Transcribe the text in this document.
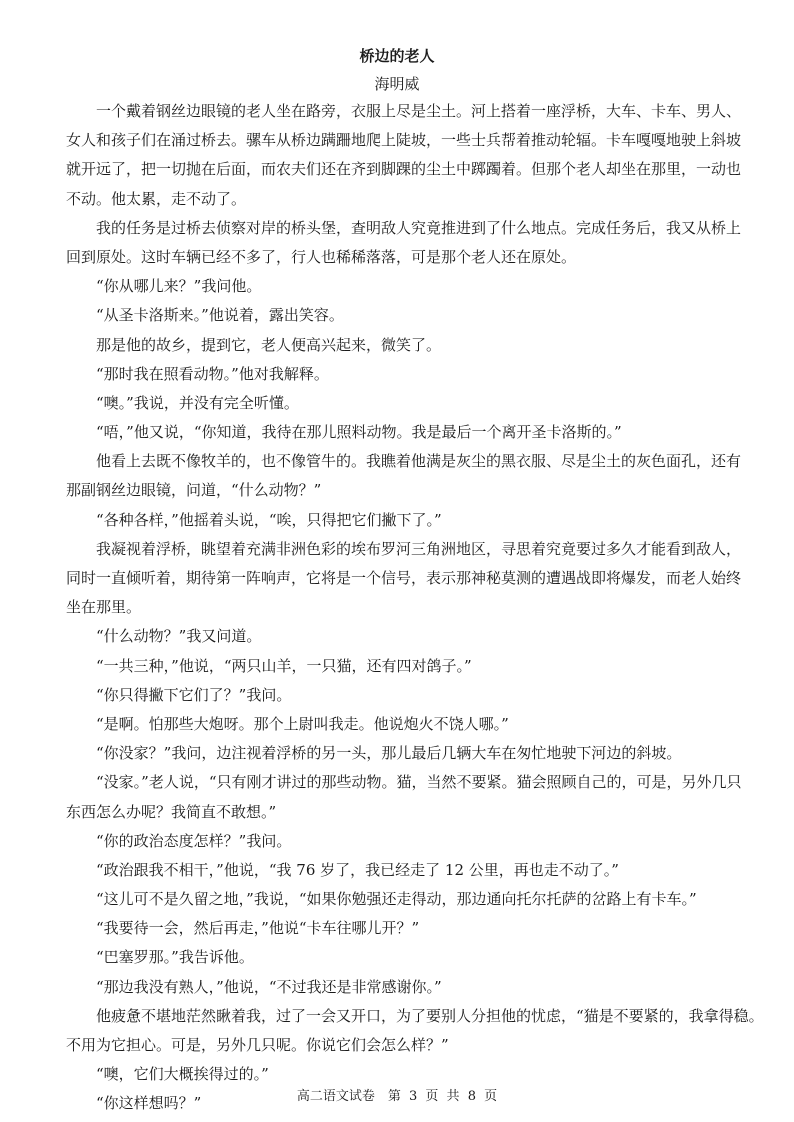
桥边的老人
海明威
一个戴着钢丝边眼镜的老人坐在路旁，衣服上尽是尘土。河上搭着一座浮桥，大车、卡车、男人、
女人和孩子们在涌过桥去。骡车从桥边蹒跚地爬上陡坡，一些士兵帮着推动轮辐。卡车嘎嘎地驶上斜坡
就开远了，把一切抛在后面，而农夫们还在齐到脚踝的尘土中踯躅着。但那个老人却坐在那里，一动也
不动。他太累，走不动了。
我的任务是过桥去侦察对岸的桥头堡，查明敌人究竟推进到了什么地点。完成任务后，我又从桥上
回到原处。这时车辆已经不多了，行人也稀稀落落，可是那个老人还在原处。
“你从哪儿来？”我问他。
“从圣卡洛斯来。”他说着，露出笑容。
那是他的故乡，提到它，老人便高兴起来，微笑了。
“那时我在照看动物。”他对我解释。
“噢。”我说，并没有完全听懂。
“唔，”他又说，“你知道，我待在那儿照料动物。我是最后一个离开圣卡洛斯的。”
他看上去既不像牧羊的，也不像管牛的。我瞧着他满是灰尘的黑衣服、尽是尘土的灰色面孔，还有
那副钢丝边眼镜，问道，“什么动物？”
“各种各样，”他摇着头说，“唉，只得把它们撇下了。”
我凝视着浮桥，眺望着充满非洲色彩的埃布罗河三角洲地区，寻思着究竟要过多久才能看到敌人，
同时一直倾听着，期待第一阵响声，它将是一个信号，表示那神秘莫测的遭遇战即将爆发，而老人始终
坐在那里。
“什么动物？”我又问道。
“一共三种，”他说，“两只山羊，一只猫，还有四对鸽子。”
“你只得撇下它们了？”我问。
“是啊。怕那些大炮呀。那个上尉叫我走。他说炮火不饶人哪。”
“你没家？”我问，边注视着浮桥的另一头，那儿最后几辆大车在匆忙地驶下河边的斜坡。
“没家。”老人说，“只有刚才讲过的那些动物。猫，当然不要紧。猫会照顾自己的，可是，另外几只
东西怎么办呢？我简直不敢想。”
“你的政治态度怎样？”我问。
“政治跟我不相干，”他说，“我 76 岁了，我已经走了 12 公里，再也走不动了。”
“这儿可不是久留之地，”我说，“如果你勉强还走得动，那边通向托尔托萨的岔路上有卡车。”
“我要待一会，然后再走，”他说“卡车往哪儿开？”
“巴塞罗那。”我告诉他。
“那边我没有熟人，”他说，“不过我还是非常感谢你。”
他疲惫不堪地茫然瞅着我，过了一会又开口，为了要别人分担他的忧虑，“猫是不要紧的，我拿得稳。
不用为它担心。可是，另外几只呢。你说它们会怎么样？”
“噢，它们大概挨得过的。”
“你这样想吗？”	高二语文试卷　第 3 页 共 8 页
